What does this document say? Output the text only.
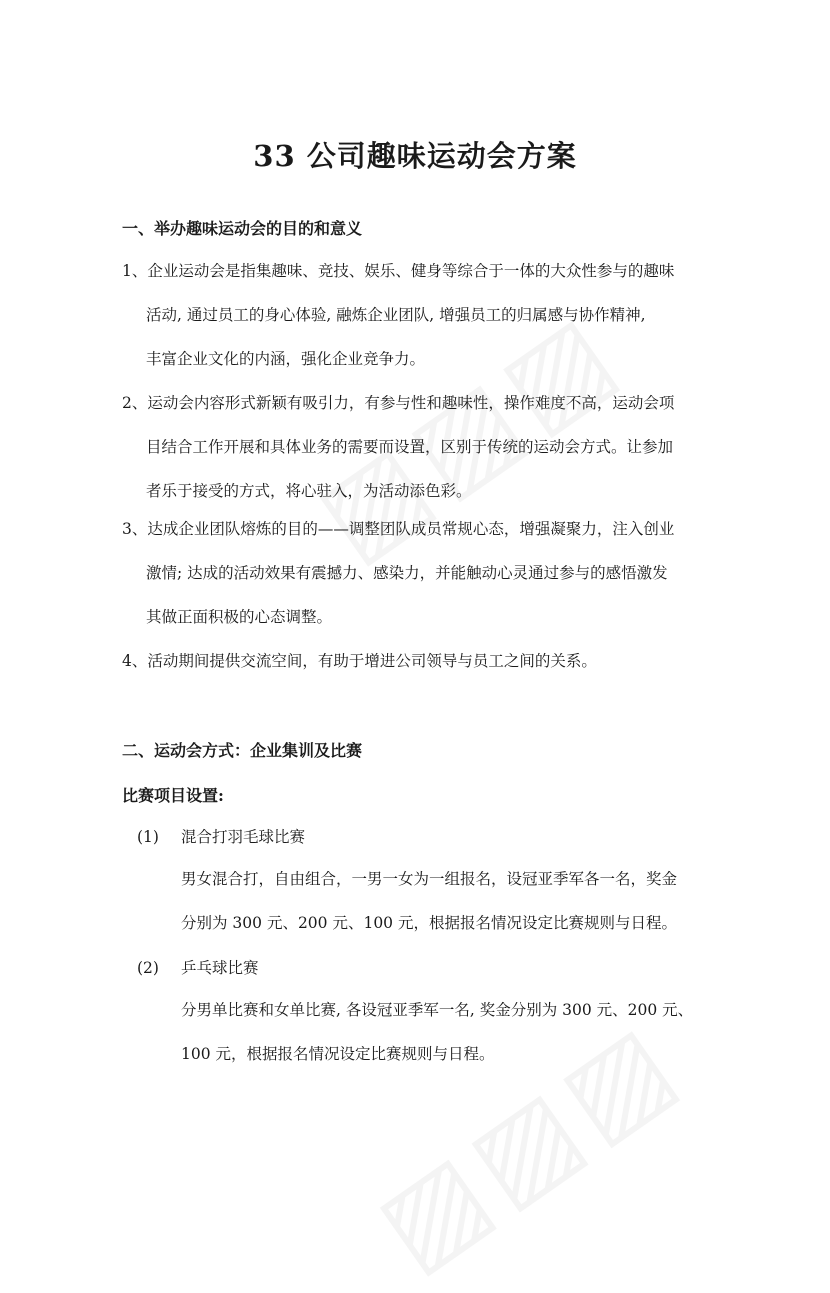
33 公司趣味运动会方案
一、举办趣味运动会的目的和意义
1、企业运动会是指集趣味、竞技、娱乐、健身等综合于一体的大众性参与的趣味
活动, 通过员工的身心体验, 融炼企业团队, 增强员工的归属感与协作精神,
丰富企业文化的内涵，强化企业竞争力。
2、运动会内容形式新颖有吸引力，有参与性和趣味性，操作难度不高，运动会项
目结合工作开展和具体业务的需要而设置，区别于传统的运动会方式。让参加
者乐于接受的方式，将心驻入，为活动添色彩。
3、达成企业团队熔炼的目的——调整团队成员常规心态，增强凝聚力，注入创业
激情; 达成的活动效果有震撼力、感染力，并能触动心灵通过参与的感悟激发
其做正面积极的心态调整。
4、活动期间提供交流空间，有助于增进公司领导与员工之间的关系。
二、运动会方式：企业集训及比赛
比赛项目设置:
(1) 混合打羽毛球比赛
男女混合打，自由组合，一男一女为一组报名，设冠亚季军各一名，奖金
分别为 300 元、200 元、100 元，根据报名情况设定比赛规则与日程。
(2) 乒乓球比赛
分男单比赛和女单比赛, 各设冠亚季军一名, 奖金分别为 300 元、200 元、
100 元，根据报名情况设定比赛规则与日程。
